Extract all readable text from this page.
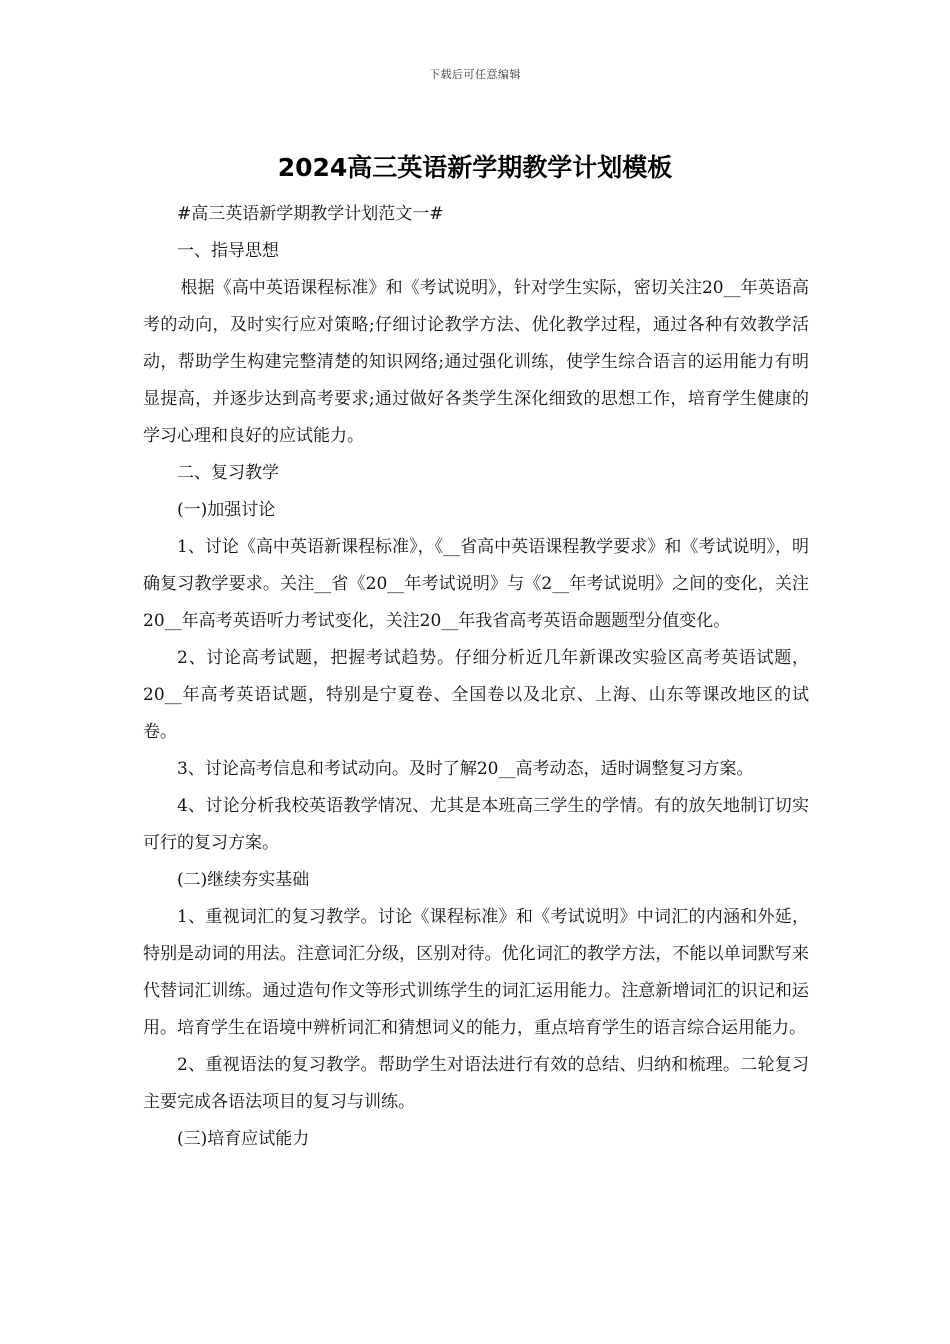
下载后可任意编辑
2024高三英语新学期教学计划模板

#高三英语新学期教学计划范文一#

一、指导思想

根据《高中英语课程标准》和《考试说明》，针对学生实际，密切关注20__年英语高考的动向，及时实行应对策略;仔细讨论教学方法、优化教学过程，通过各种有效教学活动，帮助学生构建完整清楚的知识网络;通过强化训练，使学生综合语言的运用能力有明显提高，并逐步达到高考要求;通过做好各类学生深化细致的思想工作，培育学生健康的学习心理和良好的应试能力。

二、复习教学

(一)加强讨论

1、讨论《高中英语新课程标准》，《__省高中英语课程教学要求》和《考试说明》，明确复习教学要求。关注__省《20__年考试说明》与《2__年考试说明》之间的变化，关注20__年高考英语听力考试变化，关注20__年我省高考英语命题题型分值变化。

2、讨论高考试题，把握考试趋势。仔细分析近几年新课改实验区高考英语试题，20__年高考英语试题，特别是宁夏卷、全国卷以及北京、上海、山东等课改地区的试卷。

3、讨论高考信息和考试动向。及时了解20__高考动态，适时调整复习方案。

4、讨论分析我校英语教学情况、尤其是本班高三学生的学情。有的放矢地制订切实可行的复习方案。

(二)继续夯实基础

1、重视词汇的复习教学。讨论《课程标准》和《考试说明》中词汇的内涵和外延，特别是动词的用法。注意词汇分级，区别对待。优化词汇的教学方法，不能以单词默写来代替词汇训练。通过造句作文等形式训练学生的词汇运用能力。注意新增词汇的识记和运用。培育学生在语境中辨析词汇和猜想词义的能力，重点培育学生的语言综合运用能力。

2、重视语法的复习教学。帮助学生对语法进行有效的总结、归纳和梳理。二轮复习主要完成各语法项目的复习与训练。

(三)培育应试能力
